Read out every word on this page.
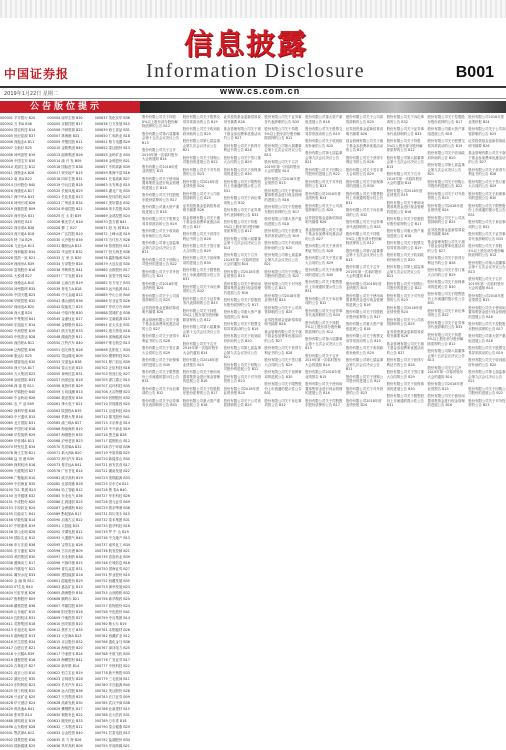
信息披露
中国证券报	Information Disclosure	B001
2019年1月22日 星期二	www.cs.com.cn
公告版位提示
000001 平安银行 B20
000002 万 科A B36
000004 国农科技 B14
000005 世纪星源 B37
000006 深振业A B11
000007 全新好 B25
000008 神州高铁 B19
000009 中国宝安 B30
000010 美丽生态 B12
000011 深物业A B28
000012 南 玻A B22
000014 沙河股份 B40
000016 深康佳A B17
000017 深中华A B33
000018 神州长城 B26
000019 深粮控股 B09
000020 深华发A B31
000021 深科技 B15
000022 深赤湾A B38
000023 深天地A B18
000025 特 力A B29
000026 飞亚达A B13
000027 深圳能源 B34
000028 国药一致 B21
000029 深深房A B39
000030 富奥股份 B16
000031 大悦城 B27
000032 深桑达A B10
000034 神州数码 B35
000035 中国天楹 B23
000036 华联控股 B32
000037 深南电A B20
000038 深大通 B24
000039 中集集团 B41
000040 东旭蓝天 B14
000042 中洲控股 B19
000043 中航善达 B28
000045 深纺织A B12
000046 泛海控股 B36
000048 康达尔 B25
000049 德赛电池 B30
000050 深天马A B17
000055 方大集团 B22
000056 皇庭国际 B33
000058 深 赛 格 B11
000059 华锦股份 B40
000060 中金岭南 B26
000061 农 产 品 B09
000062 深圳华强 B38
000063 中兴通讯 B15
000065 北方国际 B31
000066 中国长城 B18
000068 华控赛格 B29
000069 华侨城A B13
000070 特发信息 B34
000078 海王生物 B21
000088 盐 田 港 B39
000089 深圳机场 B16
000090 天健集团 B27
000096 广聚能源 B10
000099 中信海直 B35
000100 TCL 集团 B23
000150 宜华健康 B32
000151 中成股份 B20
000153 丰原药业 B24
000155 川能动力 B41
000156 华数传媒 B14
000157 中联重科 B19
000158 常山北明 B28
000159 国际实业 B12
000166 申万宏源 B36
000301 东方盛虹 B25
000333 美的集团 B30
000338 潍柴动力 B17
000400 许继电气 B22
000401 冀东水泥 B33
000402 金 融 街 B11
000403 ST生化 B40
000404 长虹华意 B26
000407 胜利股份 B09
000408 藏格控股 B38
000409 山东地矿 B15
000410 沈阳机床 B31
000411 英特集团 B18
000413 东旭光电 B29
000415 渤海租赁 B13
000416 民生控股 B34
000417 合肥百货 B21
000418 小天鹅A B39
000419 通程控股 B16
000420 吉林化纤 B27
000421 南京公用 B10
000422 湖北宜化 B35
000423 东阿阿胶 B23
000425 徐工机械 B32
000426 兴业矿业 B20
000428 华天酒店 B24
000429 粤高速A B41
000430 张家界 B14
000488 晨鸣纸业 B19
000498 山东路桥 B28
000501 鄂武商A B12
000502 绿景控股 B36
000503 国新健康 B25
000504 南华生物 B30
000505 京粮控股 B17
000506 中润资源 B22
000507 珠海港 B33
000509 华塑控股 B11
000510 金路集团 B40
000513 丽珠集团 B26
000514 渝 开 发 B09
000516 国际医学 B38
000517 荣安地产 B15
000518 四环生物 B31
000519 中兵红箭 B18
000520 长航凤凰 B29
000521 长虹美菱 B13
000523 广州浪奇 B34
000524 岭南控股 B21
000525 红 太 阳 B39
000526 紫光学大 B16
000528 柳 工 B27
000529 广弘控股 B10
000530 大冷股份 B35
000531 穗恒运A B23
000532 华金资本 B32
000533 万 家 乐 B20
000534 万泽股份 B24
000536 华映科技 B41
000537 广宇发展 B14
000538 云南白药 B19
000539 粤电力A B28
000540 中天金融 B12
000541 佛山照明 B36
000543 皖能电力 B25
000544 中原环保 B30
000545 金浦钛业 B17
000546 金圆股份 B22
000547 航天发展 B33
000548 湖南投资 B11
000550 江铃汽车 B40
000551 创元科技 B26
000552 靖远煤电 B09
000553 安道麦A B38
000554 泰山石油 B15
000555 神州信息 B31
000557 西部创业 B18
000558 莱茵体育 B29
000559 万向钱潮 B13
000560 我爱我家 B34
000561 烽火电子 B21
000563 陕国投A B39
000564 供销大集 B16
000565 渝三峡A B27
000566 海南海药 B10
000567 海德股份 B35
000568 泸州老窖 B23
000570 苏常柴A B32
000571 新大洲A B20
000572 海马汽车 B24
000573 粤宏远A B41
000576 广东甘化 B14
000581 威孚高科 B19
000582 北部湾港 B28
000584 哈工智能 B12
000585 东北电气 B36
000586 汇源通信 B25
000587 金洲慈航 B30
000589 黔轮胎A B17
000590 启迪古汉 B22
000591 太阳能 B33
000592 平潭发展 B11
000593 大通燃气 B40
000595 宝塔实业 B26
000596 古井贡酒 B09
000597 东北制药 B38
000598 兴蓉环境 B15
000599 青岛双星 B31
000600 建投能源 B18
000601 韶能股份 B29
000603 盛达矿业 B13
000605 渤海股份 B34
000606 顺利办 B21
000607 华媒控股 B39
000608 阳光股份 B16
000609 中迪投资 B27
000610 西安旅游 B10
000612 焦作万方 B35
000613 大东海A B23
000615 京汉股份 B32
000616 海航投资 B20
000617 中油资本 B24
000619 海螺型材 B41
000620 新华联 B14
000622 恒立实业 B19
000623 吉林敖东 B28
000625 长安汽车 B12
000626 远大控股 B36
000627 天茂集团 B25
000628 高新发展 B30
000629 攀钢钒钛 B17
000630 铜陵有色 B22
000631 顺发恒业 B33
000632 三木集团 B11
000633 合金投资 B40
000635 英 力 特 B26
000636 风华高科 B09
000637 茂化实华 B38
000638 万方发展 B15
000639 西王食品 B31
000650 仁和药业 B18
000651 格力电器 B29
000652 泰达股份 B13
000655 金岭矿业 B34
000656 金科股份 B21
000657 中钨高新 B39
000659 珠海中富 B16
000661 长春高新 B27
000663 永安林业 B10
000665 湖北广电 B35
000666 经纬纺机 B23
000667 美好置业 B32
000668 荣丰控股 B20
000669 金鸿控股 B24
000670 盈方微 B41
000671 阳 光 城 B14
000672 上峰水泥 B19
000673 当代东方 B28
000676 智度股份 B12
000677 恒天海龙 B36
000678 襄阳轴承 B25
000679 大连友谊 B30
000680 山推股份 B17
000681 视觉中国 B22
000682 东方电子 B33
000683 远兴能源 B11
000685 中山公用 B40
000686 东北证券 B26
000687 华讯方舟 B09
000688 国城矿业 B38
000690 宝新能源 B15
000691 亚太实业 B31
000692 惠天热电 B18
000695 滨海能源 B29
000697 炼石航空 B13
000698 沈阳化工 B34
000700 模塑科技 B21
000701 厦门信达 B39
000702 正虹科技 B16
000703 恒逸石化 B27
000705 浙江震元 B10
000707 双环科技 B35
000708 大冶特钢 B23
000709 河钢股份 B32
000710 贝瑞基因 B20
000711 京蓝科技 B24
000712 锦龙股份 B41
000713 丰乐种业 B14
000715 中兴商业 B19
000716 黑芝麻 B28
000717 韶钢松山 B12
000718 苏宁环球 B36
000719 中原传媒 B25
000720 新能泰山 B30
000721 西安饮食 B17
000722 湖南发展 B22
000723 美锦能源 B33
000725 京东方A B11
000726 鲁 泰A B40
000727 华东科技 B26
000728 国元证券 B09
000729 燕京啤酒 B38
000731 四川美丰 B15
000732 泰禾集团 B31
000733 振华科技 B18
000735 罗 牛 山 B29
000736 中交地产 B13
000737 南风化工 B34
000738 航发控制 B21
000739 普洛药业 B39
000748 长城信息 B16
000750 国海证券 B27
000751 锌业股份 B10
000752 西藏发展 B35
000753 漳州发展 B23
000755 山西路桥 B32
000756 新华制药 B20
000757 浩物股份 B24
000758 中色股份 B41
000759 中百集团 B14
000760 斯太尔 B19
000761 本钢板材 B28
000762 西藏矿业 B12
000766 通化金马 B36
000767 漳泽电力 B25
000768 中航飞机 B30
000776 广发证券 B17
000777 中核科技 B22
000778 新兴铸管 B33
000779 三毛派神 B11
000780 平庄能源 B40
000782 美达股份 B26
000783 长江证券 B09
000785 武汉中商 B38
000786 北新建材 B15
000788 北大医药 B31
000789 万年青 B18
000790 泰合健康 B29
000791 甘肃电投 B13
000792 盐湖股份 B34
000793 华闻传媒 B21
股份有限公司关于持股5%以上股东部分股份解除质押的公告 B12
股份有限公司第六届董事会第十五次会议决议公告 B13
股份有限公司关于召开2019年第一次临时股东大会的通知 B14
股份有限公司2018年度业绩预告 B15
股份有限公司关于使用闲置募集资金进行现金管理的进展公告 B16
股份有限公司关于控股股东股份质押的公告 B17
股份有限公司重大资产重组进展公告 B18
股份有限公司关于股票交易异常波动的公告 B19
股份有限公司关于收到政府补助的公告 B20
股份有限公司第七届监事会第九次会议决议公告 B21
股份有限公司关于回购公司股份的进展公告 B22
股份有限公司关于对外投资的公告 B23
股份有限公司2018年度业绩快报 B24
股份有限公司关于公司高管辞职的公告 B25
证券投资基金更新招募说明书摘要 B26
基金管理有限公司关于旗下基金参加费率优惠活动的公告 B27
股份有限公司关于获得专利证书的公告 B28
股份有限公司关于签订重大合同的公告 B29
股份有限公司关于担保事项的进展公告 B30
股份有限公司关于限售股份上市流通的提示性公告 B31
股份有限公司关于诉讼事项的公告 B32
股份有限公司关于证券事务代表辞职的公告 B33
股份有限公司关于股票交易异常波动的公告 B19
股份有限公司关于收到政府补助的公告 B20
股份有限公司第七届监事会第九次会议决议公告 B21
股份有限公司关于回购公司股份的进展公告 B22
股份有限公司关于对外投资的公告 B23
股份有限公司2018年度业绩快报 B24
股份有限公司关于公司高管辞职的公告 B25
证券投资基金更新招募说明书摘要 B26
基金管理有限公司关于旗下基金参加费率优惠活动的公告 B27
股份有限公司关于获得专利证书的公告 B28
股份有限公司关于签订重大合同的公告 B29
股份有限公司关于担保事项的进展公告 B30
股份有限公司关于限售股份上市流通的提示性公告 B31
股份有限公司关于诉讼事项的公告 B32
股份有限公司关于证券事务代表辞职的公告 B33
股份有限公司关于持股5%以上股东部分股份解除质押的公告 B12
股份有限公司第六届董事会第十五次会议决议公告 B13
股份有限公司关于召开2019年第一次临时股东大会的通知 B14
股份有限公司2018年度业绩预告 B15
股份有限公司关于使用闲置募集资金进行现金管理的进展公告 B16
股份有限公司关于控股股东股份质押的公告 B17
股份有限公司重大资产重组进展公告 B18
证券投资基金更新招募说明书摘要 B26
基金管理有限公司关于旗下基金参加费率优惠活动的公告 B27
股份有限公司关于获得专利证书的公告 B28
股份有限公司关于签订重大合同的公告 B29
股份有限公司关于担保事项的进展公告 B30
股份有限公司关于限售股份上市流通的提示性公告 B31
股份有限公司关于诉讼事项的公告 B32
股份有限公司关于证券事务代表辞职的公告 B33
股份有限公司关于持股5%以上股东部分股份解除质押的公告 B12
股份有限公司第六届董事会第十五次会议决议公告 B13
股份有限公司关于召开2019年第一次临时股东大会的通知 B14
股份有限公司2018年度业绩预告 B15
股份有限公司关于使用闲置募集资金进行现金管理的进展公告 B16
股份有限公司关于控股股东股份质押的公告 B17
股份有限公司重大资产重组进展公告 B18
股份有限公司关于股票交易异常波动的公告 B19
股份有限公司关于收到政府补助的公告 B20
股份有限公司第七届监事会第九次会议决议公告 B21
股份有限公司关于回购公司股份的进展公告 B22
股份有限公司关于对外投资的公告 B23
股份有限公司2018年度业绩快报 B24
股份有限公司关于公司高管辞职的公告 B25
股份有限公司关于证券事务代表辞职的公告 B33
股份有限公司关于持股5%以上股东部分股份解除质押的公告 B12
股份有限公司第六届董事会第十五次会议决议公告 B13
股份有限公司关于召开2019年第一次临时股东大会的通知 B14
股份有限公司2018年度业绩预告 B15
股份有限公司关于使用闲置募集资金进行现金管理的进展公告 B16
股份有限公司关于控股股东股份质押的公告 B17
股份有限公司重大资产重组进展公告 B18
股份有限公司关于股票交易异常波动的公告 B19
股份有限公司关于收到政府补助的公告 B20
股份有限公司第七届监事会第九次会议决议公告 B21
股份有限公司关于回购公司股份的进展公告 B22
股份有限公司关于对外投资的公告 B23
股份有限公司2018年度业绩快报 B24
股份有限公司关于公司高管辞职的公告 B25
证券投资基金更新招募说明书摘要 B26
基金管理有限公司关于旗下基金参加费率优惠活动的公告 B27
股份有限公司关于获得专利证书的公告 B28
股份有限公司关于签订重大合同的公告 B29
股份有限公司关于担保事项的进展公告 B30
股份有限公司关于限售股份上市流通的提示性公告 B31
股份有限公司关于诉讼事项的公告 B32
股份有限公司重大资产重组进展公告 B18
股份有限公司关于股票交易异常波动的公告 B19
股份有限公司关于收到政府补助的公告 B20
股份有限公司第七届监事会第九次会议决议公告 B21
股份有限公司关于回购公司股份的进展公告 B22
股份有限公司关于对外投资的公告 B23
股份有限公司2018年度业绩快报 B24
股份有限公司关于公司高管辞职的公告 B25
证券投资基金更新招募说明书摘要 B26
基金管理有限公司关于旗下基金参加费率优惠活动的公告 B27
股份有限公司关于获得专利证书的公告 B28
股份有限公司关于签订重大合同的公告 B29
股份有限公司关于担保事项的进展公告 B30
股份有限公司关于限售股份上市流通的提示性公告 B31
股份有限公司关于诉讼事项的公告 B32
股份有限公司关于证券事务代表辞职的公告 B33
股份有限公司关于持股5%以上股东部分股份解除质押的公告 B12
股份有限公司第六届董事会第十五次会议决议公告 B13
股份有限公司关于召开2019年第一次临时股东大会的通知 B14
股份有限公司2018年度业绩预告 B15
股份有限公司关于使用闲置募集资金进行现金管理的进展公告 B16
股份有限公司关于控股股东股份质押的公告 B17
股份有限公司关于公司高管辞职的公告 B25
证券投资基金更新招募说明书摘要 B26
基金管理有限公司关于旗下基金参加费率优惠活动的公告 B27
股份有限公司关于获得专利证书的公告 B28
股份有限公司关于签订重大合同的公告 B29
股份有限公司关于担保事项的进展公告 B30
股份有限公司关于限售股份上市流通的提示性公告 B31
股份有限公司关于诉讼事项的公告 B32
股份有限公司关于证券事务代表辞职的公告 B33
股份有限公司关于持股5%以上股东部分股份解除质押的公告 B12
股份有限公司第六届董事会第十五次会议决议公告 B13
股份有限公司关于召开2019年第一次临时股东大会的通知 B14
股份有限公司2018年度业绩预告 B15
股份有限公司关于使用闲置募集资金进行现金管理的进展公告 B16
股份有限公司关于控股股东股份质押的公告 B17
股份有限公司重大资产重组进展公告 B18
股份有限公司关于股票交易异常波动的公告 B19
股份有限公司关于收到政府补助的公告 B20
股份有限公司第七届监事会第九次会议决议公告 B21
股份有限公司关于回购公司股份的进展公告 B22
股份有限公司关于对外投资的公告 B23
股份有限公司2018年度业绩快报 B24
股份有限公司关于诉讼事项的公告 B32
股份有限公司关于证券事务代表辞职的公告 B33
股份有限公司关于持股5%以上股东部分股份解除质押的公告 B12
股份有限公司第六届董事会第十五次会议决议公告 B13
股份有限公司关于召开2019年第一次临时股东大会的通知 B14
股份有限公司2018年度业绩预告 B15
股份有限公司关于使用闲置募集资金进行现金管理的进展公告 B16
股份有限公司关于控股股东股份质押的公告 B17
股份有限公司重大资产重组进展公告 B18
股份有限公司关于股票交易异常波动的公告 B19
股份有限公司关于收到政府补助的公告 B20
股份有限公司第七届监事会第九次会议决议公告 B21
股份有限公司关于回购公司股份的进展公告 B22
股份有限公司关于对外投资的公告 B23
股份有限公司2018年度业绩快报 B24
股份有限公司关于公司高管辞职的公告 B25
证券投资基金更新招募说明书摘要 B26
基金管理有限公司关于旗下基金参加费率优惠活动的公告 B27
股份有限公司关于获得专利证书的公告 B28
股份有限公司关于签订重大合同的公告 B29
股份有限公司关于担保事项的进展公告 B30
股份有限公司关于限售股份上市流通的提示性公告 B31
股份有限公司关于控股股东股份质押的公告 B17
股份有限公司重大资产重组进展公告 B18
股份有限公司关于股票交易异常波动的公告 B19
股份有限公司关于收到政府补助的公告 B20
股份有限公司第七届监事会第九次会议决议公告 B21
股份有限公司关于回购公司股份的进展公告 B22
股份有限公司关于对外投资的公告 B23
股份有限公司2018年度业绩快报 B24
股份有限公司关于公司高管辞职的公告 B25
证券投资基金更新招募说明书摘要 B26
基金管理有限公司关于旗下基金参加费率优惠活动的公告 B27
股份有限公司关于获得专利证书的公告 B28
股份有限公司关于签订重大合同的公告 B29
股份有限公司关于担保事项的进展公告 B30
股份有限公司关于限售股份上市流通的提示性公告 B31
股份有限公司关于诉讼事项的公告 B32
股份有限公司关于证券事务代表辞职的公告 B33
股份有限公司关于持股5%以上股东部分股份解除质押的公告 B12
股份有限公司第六届董事会第十五次会议决议公告 B13
股份有限公司关于召开2019年第一次临时股东大会的通知 B14
股份有限公司2018年度业绩预告 B15
股份有限公司关于使用闲置募集资金进行现金管理的进展公告 B16
股份有限公司2018年度业绩快报 B24
股份有限公司关于公司高管辞职的公告 B25
证券投资基金更新招募说明书摘要 B26
基金管理有限公司关于旗下基金参加费率优惠活动的公告 B27
股份有限公司关于获得专利证书的公告 B28
股份有限公司关于签订重大合同的公告 B29
股份有限公司关于担保事项的进展公告 B30
股份有限公司关于限售股份上市流通的提示性公告 B31
股份有限公司关于诉讼事项的公告 B32
股份有限公司关于证券事务代表辞职的公告 B33
股份有限公司关于持股5%以上股东部分股份解除质押的公告 B12
股份有限公司第六届董事会第十五次会议决议公告 B13
股份有限公司关于召开2019年第一次临时股东大会的通知 B14
股份有限公司2018年度业绩预告 B15
股份有限公司关于使用闲置募集资金进行现金管理的进展公告 B16
股份有限公司关于控股股东股份质押的公告 B17
股份有限公司重大资产重组进展公告 B18
股份有限公司关于股票交易异常波动的公告 B19
股份有限公司关于收到政府补助的公告 B20
股份有限公司第七届监事会第九次会议决议公告 B21
股份有限公司关于回购公司股份的进展公告 B22
股份有限公司关于对外投资的公告 B23
